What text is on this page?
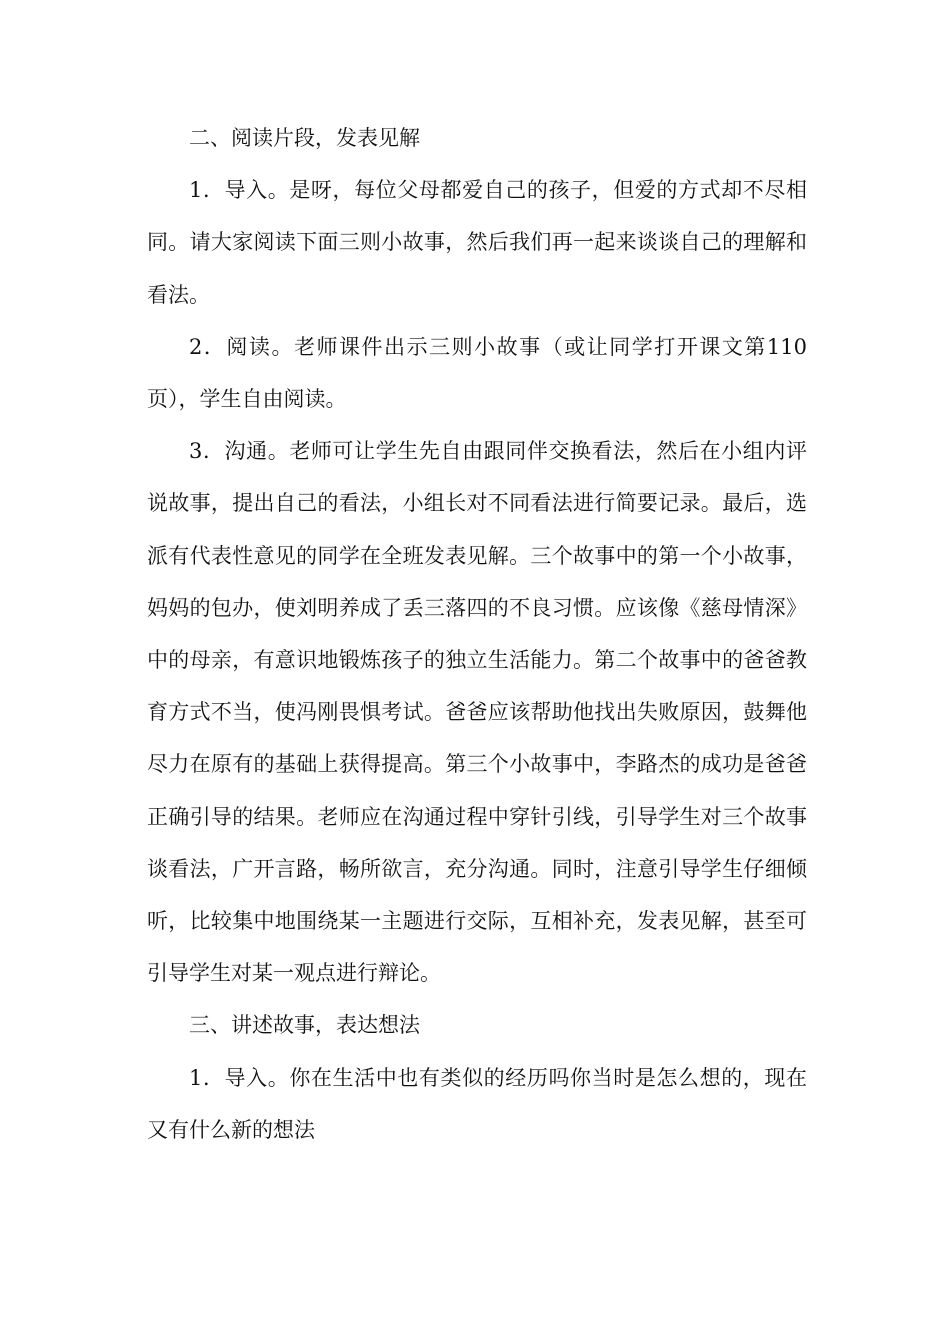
二、阅读片段，发表见解

1．导入。是呀，每位父母都爱自己的孩子，但爱的方式却不尽相同。请大家阅读下面三则小故事，然后我们再一起来谈谈自己的理解和看法。

2．阅读。老师课件出示三则小故事（或让同学打开课文第110页），学生自由阅读。

3．沟通。老师可让学生先自由跟同伴交换看法，然后在小组内评说故事，提出自己的看法，小组长对不同看法进行简要记录。最后，选派有代表性意见的同学在全班发表见解。三个故事中的第一个小故事，妈妈的包办，使刘明养成了丢三落四的不良习惯。应该像《慈母情深》中的母亲，有意识地锻炼孩子的独立生活能力。第二个故事中的爸爸教育方式不当，使冯刚畏惧考试。爸爸应该帮助他找出失败原因，鼓舞他尽力在原有的基础上获得提高。第三个小故事中，李路杰的成功是爸爸正确引导的结果。老师应在沟通过程中穿针引线，引导学生对三个故事谈看法，广开言路，畅所欲言，充分沟通。同时，注意引导学生仔细倾听，比较集中地围绕某一主题进行交际，互相补充，发表见解，甚至可引导学生对某一观点进行辩论。

三、讲述故事，表达想法

1．导入。你在生活中也有类似的经历吗你当时是怎么想的，现在又有什么新的想法
